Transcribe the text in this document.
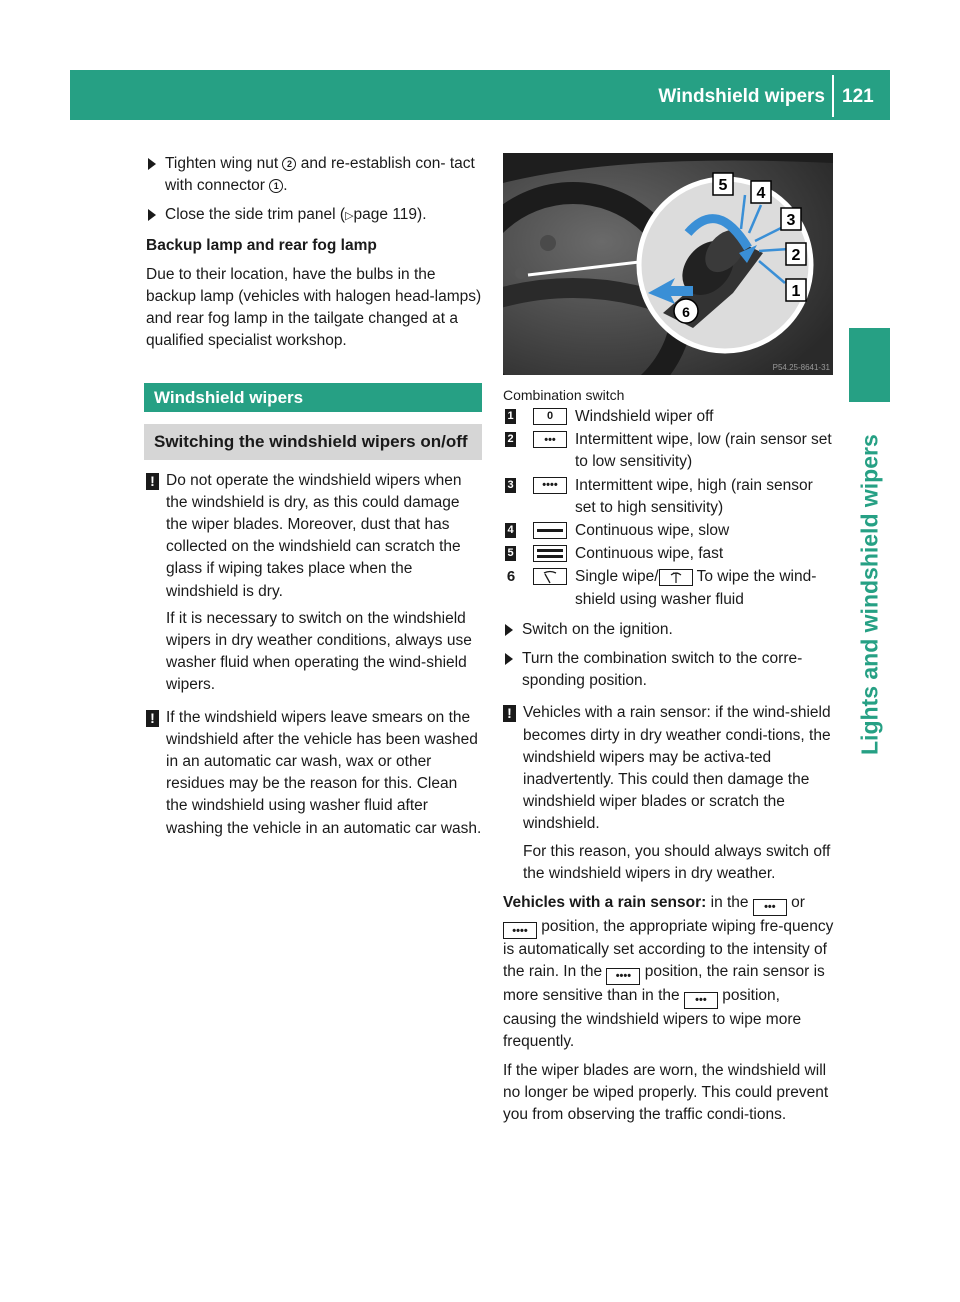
Windshield wipers 121
Lights and windshield wipers
Tighten wing nut 2 and re-establish con- tact with connector 1 .
Close the side trim panel (▷page 119).

Backup lamp and rear fog lamp

Due to their location, have the bulbs in the backup lamp (vehicles with halogen head-lamps) and rear fog lamp in the tailgate changed at a qualified specialist workshop.

Windshield wipers
Switching the windshield wipers on/off
! Do not operate the windshield wipers when the windshield is dry, as this could damage the wiper blades. Moreover, dust that has collected on the windshield can scratch the glass if wiping takes place when the windshield is dry.

If it is necessary to switch on the windshield wipers in dry weather conditions, always use washer fluid when operating the wind-shield wipers.

! If the windshield wipers leave smears on the windshield after the vehicle has been washed in an automatic car wash, wax or other residues may be the reason for this. Clean the windshield using washer fluid after washing the vehicle in an automatic car wash.

5 4
3
2
1
6
P54.25-8641-31

Combination switch

1	0	Windshield wiper off
2	•••	Intermittent wipe, low (rain sensor set to low sensitivity)
3	••••	Intermittent wipe, high (rain sensor set to high sensitivity)
4	Continuous wipe, slow
5	Continuous wipe, fast
6	Single wipe/ To wipe the wind-shield using washer fluid
Switch on the ignition.
Turn the combination switch to the corre-sponding position.
! Vehicles with a rain sensor: if the wind-shield becomes dirty in dry weather condi-tions, the windshield wipers may be activa-ted inadvertently. This could then damage the windshield wiper blades or scratch the windshield.

For this reason, you should always switch off the windshield wipers in dry weather.

Vehicles with a rain sensor: in the ••• or •••• position, the appropriate wiping fre-quency is automatically set according to the intensity of the rain. In the •••• position, the rain sensor is more sensitive than in the ••• position, causing the windshield wipers to wipe more frequently.

If the wiper blades are worn, the windshield will no longer be wiped properly. This could prevent you from observing the traffic condi-tions.
